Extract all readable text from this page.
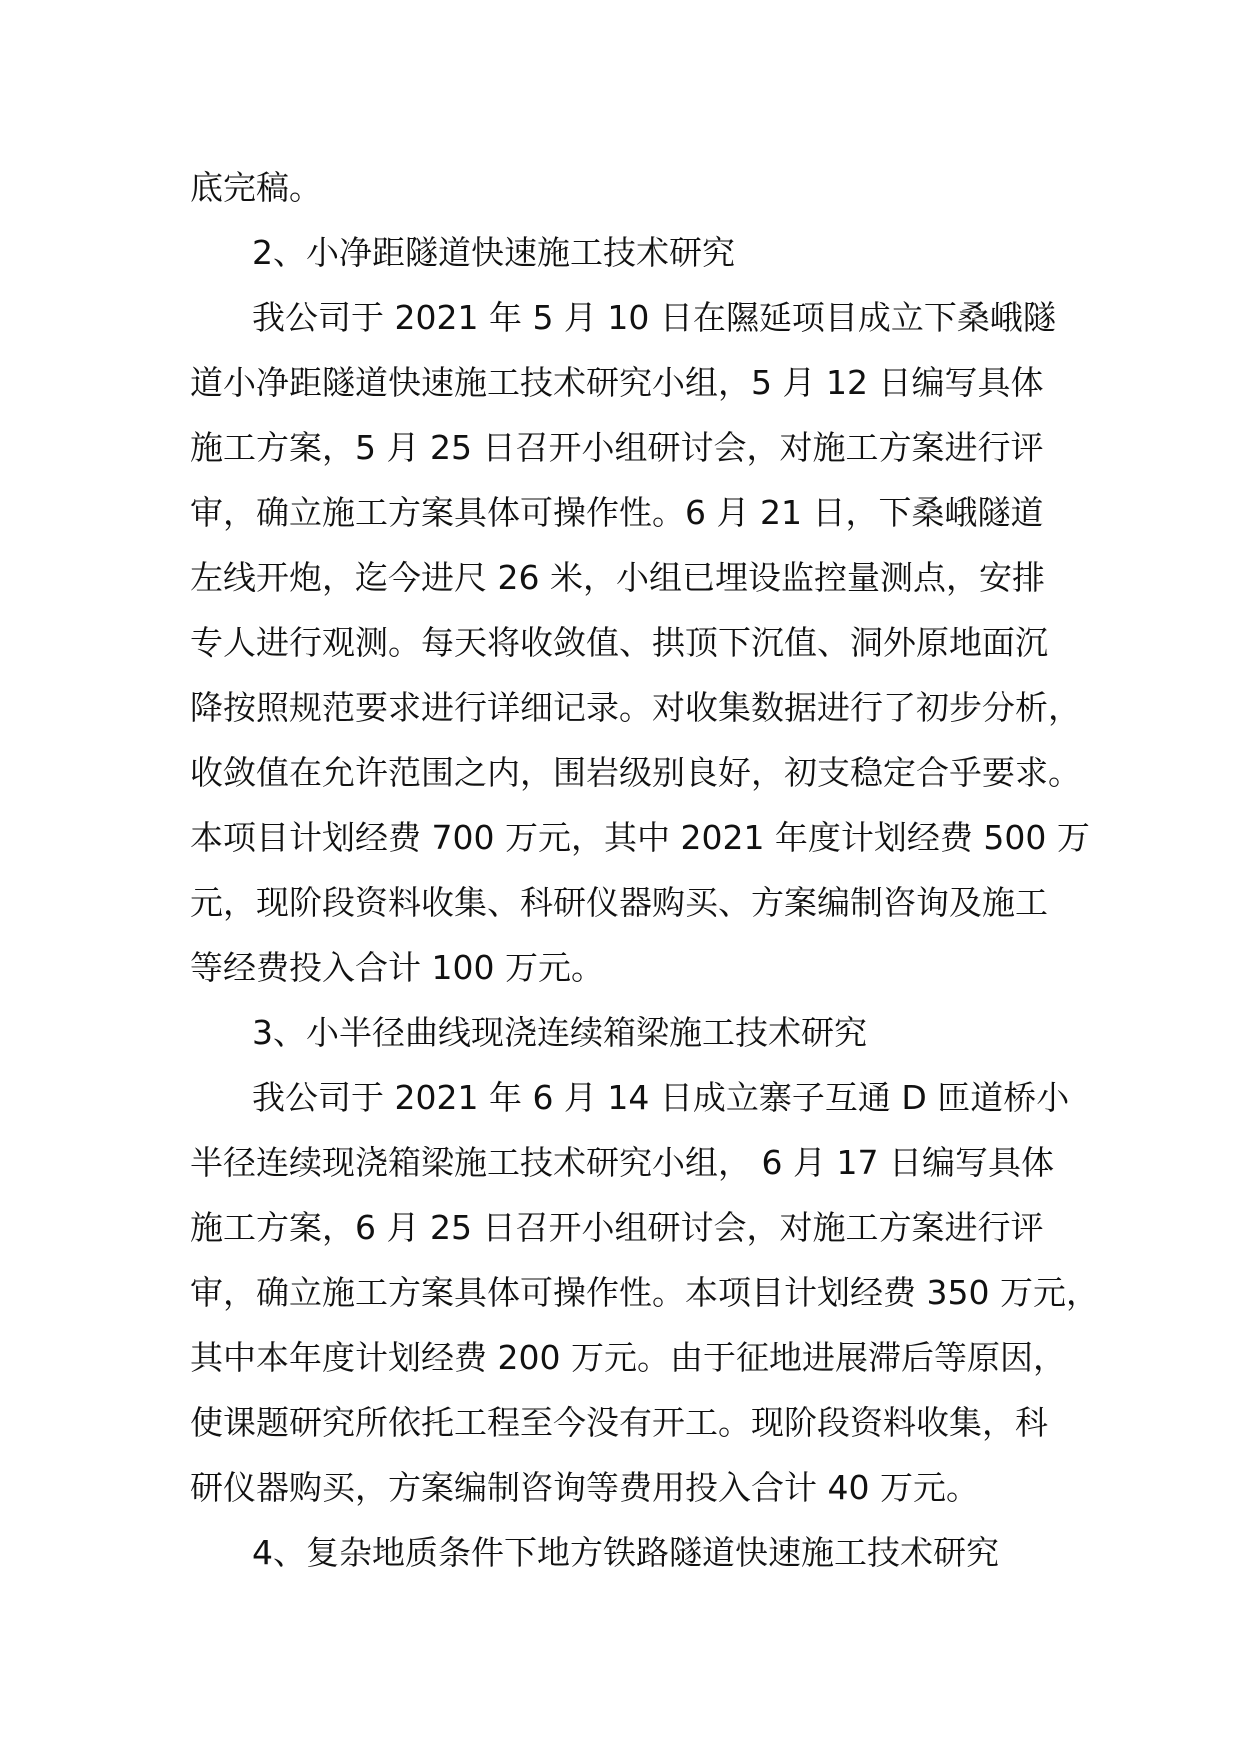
底完稿。
2、小净距隧道快速施工技术研究
我公司于 2021 年 5 月 10 日在隰延项目成立下桑峨隧
道小净距隧道快速施工技术研究小组，5 月 12 日编写具体
施工方案，5 月 25 日召开小组研讨会，对施工方案进行评
审，确立施工方案具体可操作性。6 月 21 日，下桑峨隧道
左线开炮，迄今进尺 26 米，小组已埋设监控量测点，安排
专人进行观测。每天将收敛值、拱顶下沉值、洞外原地面沉
降按照规范要求进行详细记录。对收集数据进行了初步分析，
收敛值在允许范围之内，围岩级别良好，初支稳定合乎要求。
本项目计划经费 700 万元，其中 2021 年度计划经费 500 万
元，现阶段资料收集、科研仪器购买、方案编制咨询及施工
等经费投入合计 100 万元。
3、小半径曲线现浇连续箱梁施工技术研究
我公司于 2021 年 6 月 14 日成立寨子互通 D 匝道桥小
半径连续现浇箱梁施工技术研究小组， 6 月 17 日编写具体
施工方案，6 月 25 日召开小组研讨会，对施工方案进行评
审，确立施工方案具体可操作性。本项目计划经费 350 万元，
其中本年度计划经费 200 万元。由于征地进展滞后等原因，
使课题研究所依托工程至今没有开工。现阶段资料收集，科
研仪器购买，方案编制咨询等费用投入合计 40 万元。
4、复杂地质条件下地方铁路隧道快速施工技术研究
